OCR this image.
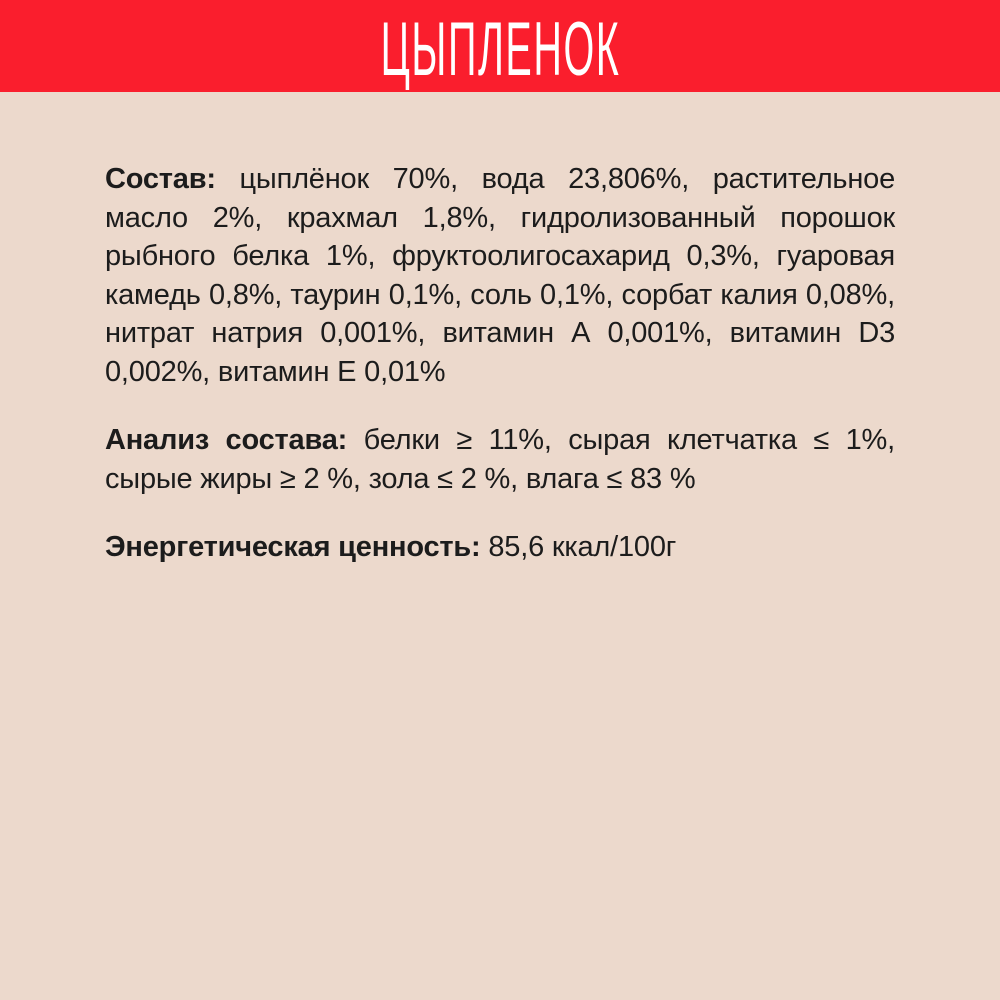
ЦЫПЛЕНОК

Состав: цыплёнок 70%, вода 23,806%, растительное масло 2%, крахмал 1,8%, гидролизованный порошок рыбного белка 1%, фруктоолигосахарид 0,3%, гуаровая камедь 0,8%, таурин 0,1%, соль 0,1%, сорбат калия 0,08%, нитрат натрия 0,001%, витамин А 0,001%, витамин D3 0,002%, витамин Е 0,01%

Анализ состава: белки ≥ 11%, сырая клетчатка ≤ 1%, сырые жиры ≥ 2 %, зола ≤ 2 %, влага ≤ 83 %

Энергетическая ценность: 85,6 ккал/100г
